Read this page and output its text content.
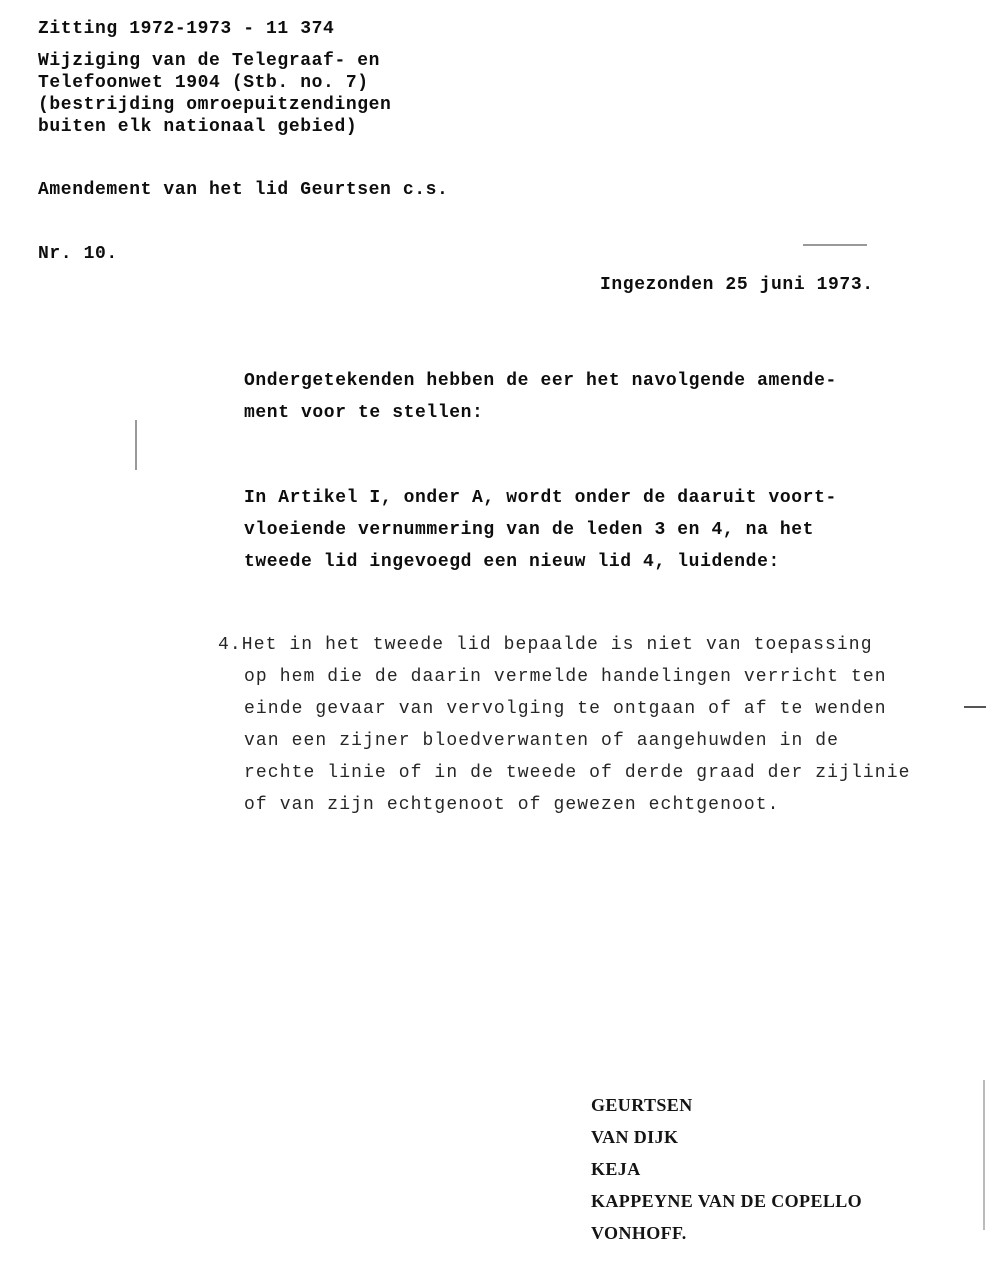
Zitting 1972-1973 - 11 374
Wijziging van de Telegraaf- en
Telefoonwet 1904 (Stb. no. 7)
(bestrijding omroepuitzendingen
buiten elk nationaal gebied)
Amendement van het lid Geurtsen c.s.
Nr. 10.
Ingezonden 25 juni 1973.
Ondergetekenden hebben de eer het navolgende amende-
ment voor te stellen:
In Artikel I, onder A, wordt onder de daaruit voort-
vloeiende vernummering van de leden 3 en 4, na het
tweede lid ingevoegd een nieuw lid 4, luidende:
4.Het in het tweede lid bepaalde is niet van toepassing
op hem die de daarin vermelde handelingen verricht ten
einde gevaar van vervolging te ontgaan of af te wenden
van een zijner bloedverwanten of aangehuwden in de
rechte linie of in de tweede of derde graad der zijlinie
of van zijn echtgenoot of gewezen echtgenoot.
GEURTSEN
VAN DIJK
KEJA
KAPPEYNE VAN DE COPELLO
VONHOFF.
